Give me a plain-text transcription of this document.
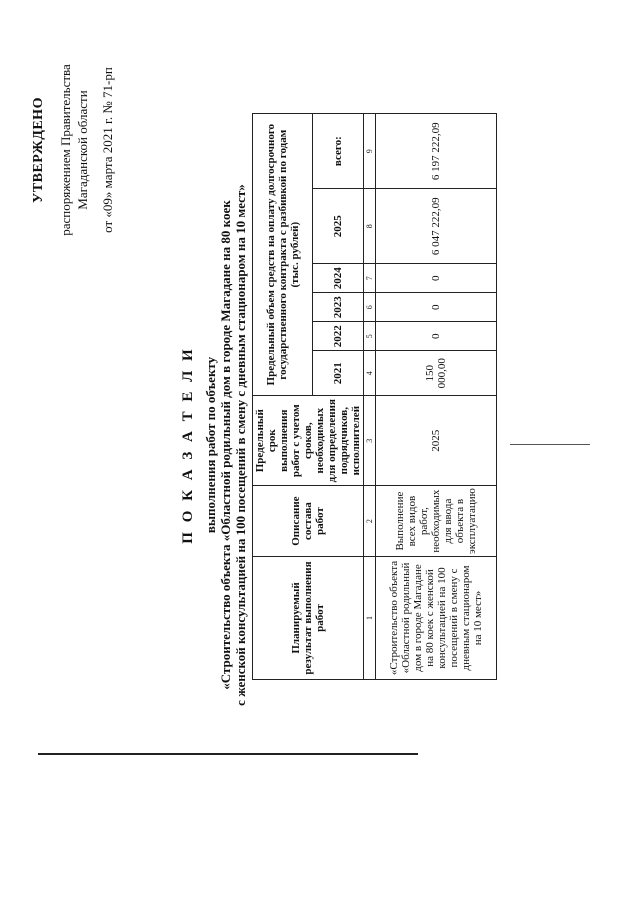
УТВЕРЖДЕНО распоряжением Правительства Магаданской области от «09» марта 2021 г. № 71-рп
П О К А З А Т Е Л И выполнения работ по объекту «Строительство объекта «Областной родильный дом в городе Магадане на 80 коек с женской консультацией на 100 посещений в смену с дневным стационаром на 10 мест»	Планируемый результат выполнения работ	Описание состава работ	Предельный срок выполнения работ с учетом сроков, необходимых для определения подрядчиков, исполнителей	Предельный объем средств на оплату долгосрочного государственного контракта с разбивкой по годам (тыс. рублей)					
			2021	2022	2023	2024	2025	всего:
1	2	3	4	5	6	7	8	9
«Строительство объекта «Областной родильный дом в городе Магадане на 80 коек с женской консультацией на 100 посещений в смену с дневным стационаром на 10 мест»	Выполнение всех видов работ, необходимых для ввода объекта в эксплуатацию	2025	150 000,00	0	0	0	6 047 222,09	6 197 222,09
